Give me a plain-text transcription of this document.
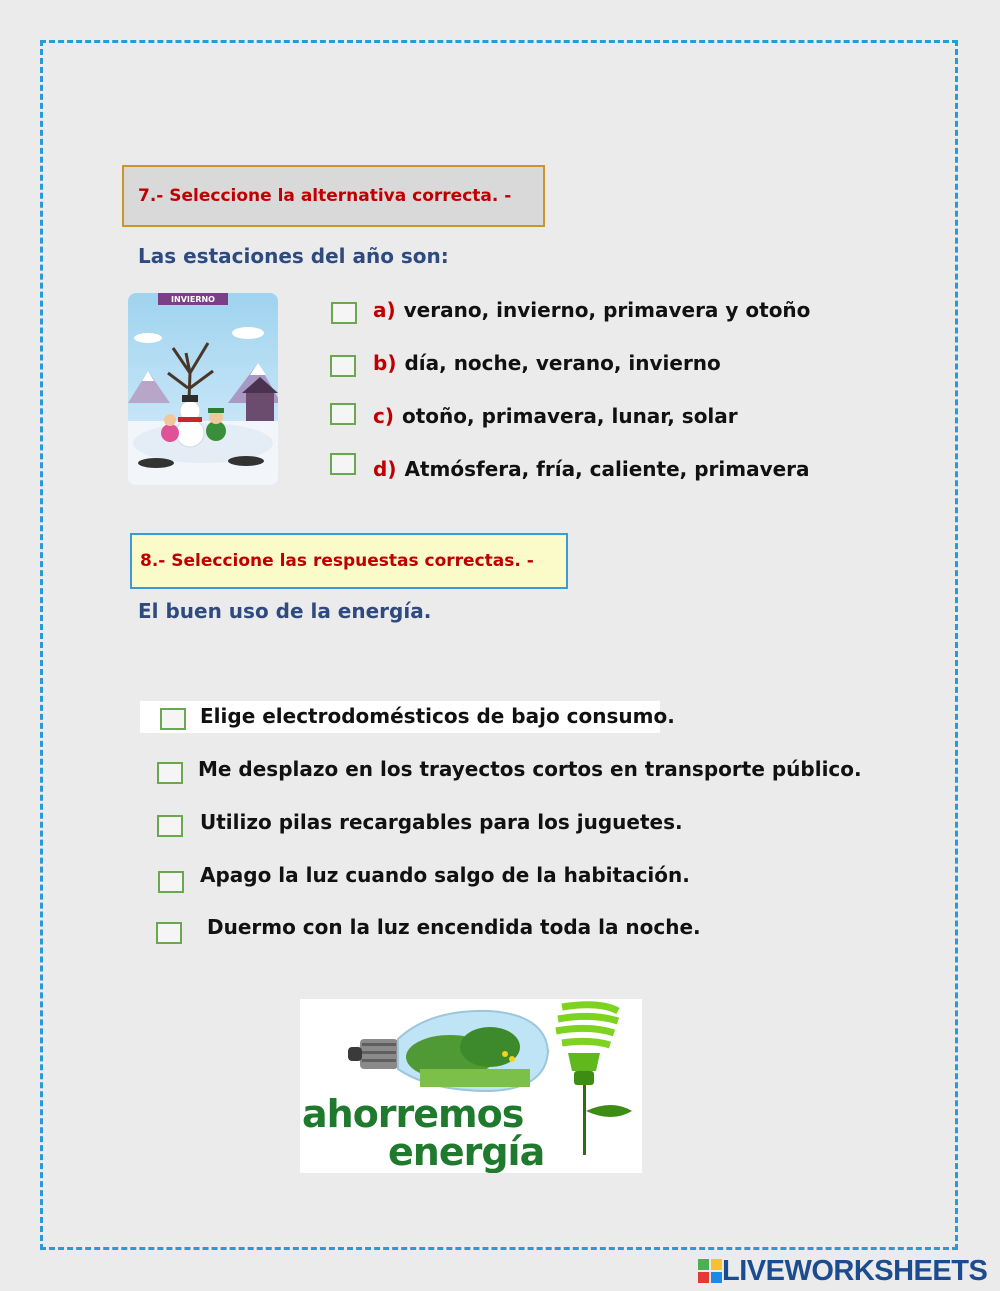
7.- Seleccione la alternativa correcta. -
Las estaciones del año son:
INVIERNO	a) verano, invierno, primavera y otoño
b) día, noche, verano, invierno
c) otoño, primavera, lunar, solar
d) Atmósfera, fría, caliente, primavera
8.- Seleccione las respuestas correctas. -
El buen uso de la energía.
Elige electrodomésticos de bajo consumo.
Me desplazo en los trayectos cortos en transporte público.
Utilizo pilas recargables para los juguetes.
Apago la luz cuando salgo de la habitación.
Duermo con la luz encendida toda la noche.
ahorremos
energía
LIVEWORKSHEETS
